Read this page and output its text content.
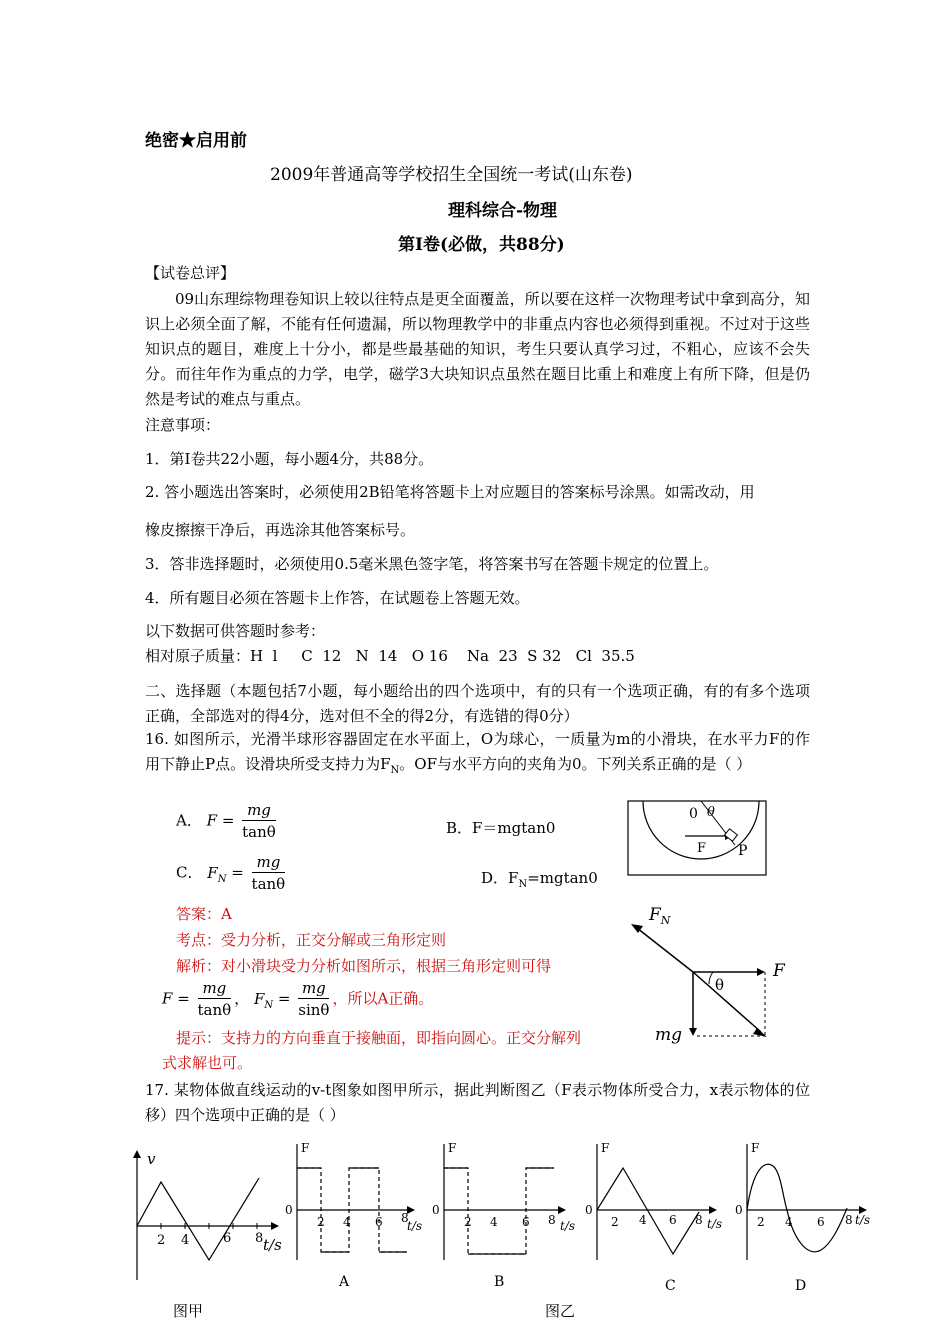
绝密★启用前
2009年普通高等学校招生全国统一考试(山东卷)
理科综合-物理
第Ⅰ卷(必做，共88分)
【试卷总评】
09山东理综物理卷知识上较以往特点是更全面覆盖，所以要在这样一次物理考试中拿到高分，知识上必须全面了解，不能有任何遗漏，所以物理教学中的非重点内容也必须得到重视。不过对于这些知识点的题目，难度上十分小，都是些最基础的知识，考生只要认真学习过，不粗心，应该不会失分。而往年作为重点的力学，电学，磁学3大块知识点虽然在题目比重上和难度上有所下降，但是仍然是考试的难点与重点。
注意事项：
1．第Ⅰ卷共22小题，每小题4分，共88分。
2. 答小题选出答案时，必须使用2B铅笔将答题卡上对应题目的答案标号涂黑。如需改动，用
橡皮擦擦干净后，再选涂其他答案标号。
3．答非选择题时，必须使用0.5毫米黑色签字笔，将答案书写在答题卡规定的位置上。
4．所有题目必须在答题卡上作答，在试题卷上答题无效。
以下数据可供答题时参考：
相对原子质量：H  l     C  12   N  14   O 16    Na  23  S 32   Cl  35.5
二、选择题（本题包括7小题，每小题给出的四个选项中，有的只有一个选项正确，有的有多个选项正确，全部选对的得4分，选对但不全的得2分，有选错的得0分）
16. 如图所示，光滑半球形容器固定在水平面上，O为球心，一质量为m的小滑块，在水平力F的作用下静止P点。设滑块所受支持力为$F_N$。OF与水平方向的夹角为0。下列关系正确的是（ ）
A． $F = \frac{mg}{\tan\theta}$	B．F＝mgtan0
C． $F_N = \frac{mg}{\tan\theta}$	D．$F_N=mgtan0$
答案：A
考点：受力分析，正交分解或三角形定则
解析：对小滑块受力分析如图所示，根据三角形定则可得
$F = \frac{mg}{\tan\theta}$ ， $F_N = \frac{mg}{\sin\theta}$ ，所以A正确。
提示：支持力的方向垂直于接触面，即指向圆心。正交分解列
式求解也可。
0 θ
F P
$F_N$
F
θ
mg
17. 某物体做直线运动的v-t图象如图甲所示，据此判断图乙（F表示物体所受合力，x表示物体的位移）四个选项中正确的是（ ）
v
2 4	6 8 t/s
F
0
2 4 6 8
t/s
A
F
0
2 4 6 8 t/s
B
F
0
2 4 6 8 t/s
C
F
0
2 4 6 8 t/s
D
图甲	图乙
